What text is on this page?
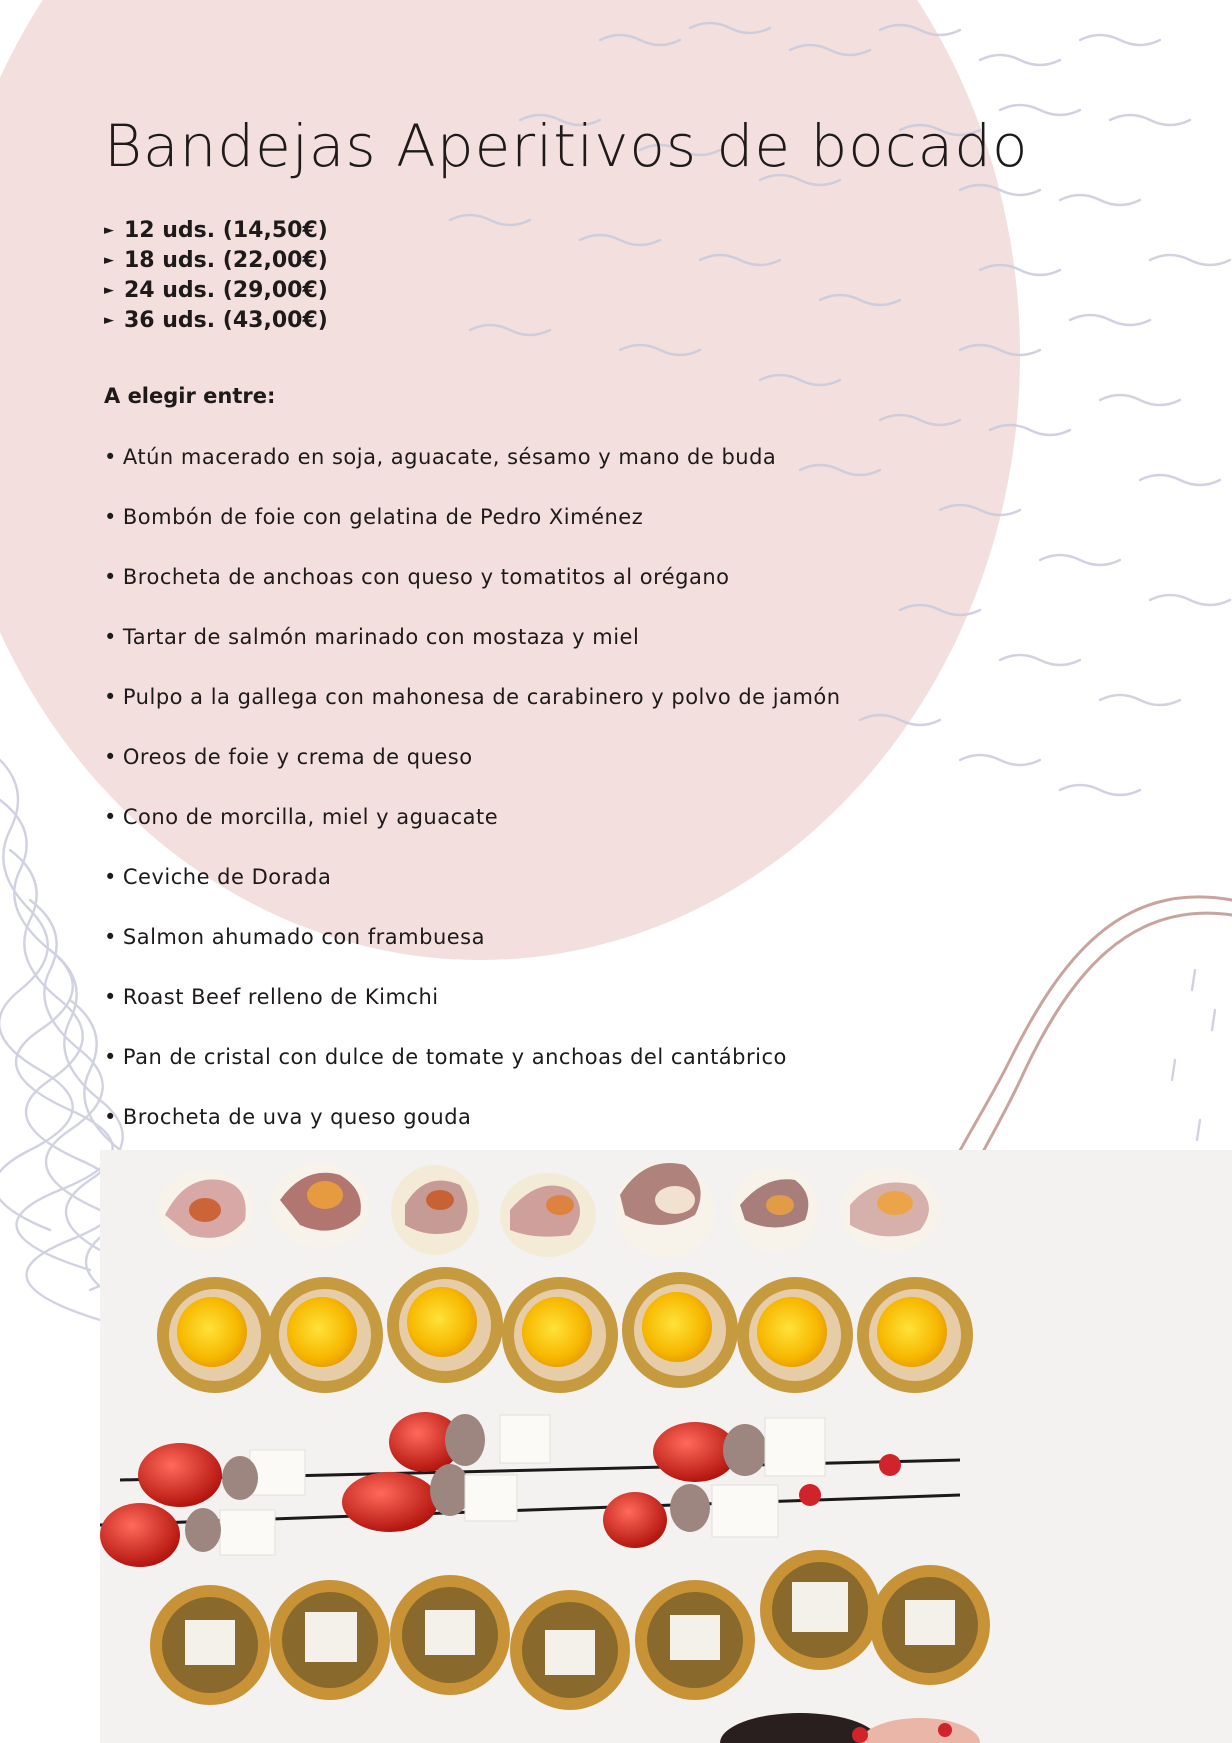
Bandejas Aperitivos de bocado
► 12 uds. (14,50€)
► 18 uds. (22,00€)
► 24 uds. (29,00€)
► 36 uds. (43,00€)

A elegir entre:

• Atún macerado en soja, aguacate, sésamo y mano de buda
• Bombón de foie con gelatina de Pedro Ximénez
• Brocheta de anchoas con queso y tomatitos al orégano
• Tartar de salmón marinado con mostaza y miel
• Pulpo a la gallega con mahonesa de carabinero y polvo de jamón
• Oreos de foie y crema de queso
• Cono de morcilla, miel y aguacate
• Ceviche de Dorada
• Salmon ahumado con frambuesa
• Roast Beef relleno de Kimchi
• Pan de cristal con dulce de tomate y anchoas del cantábrico
• Brocheta de uva y queso gouda
